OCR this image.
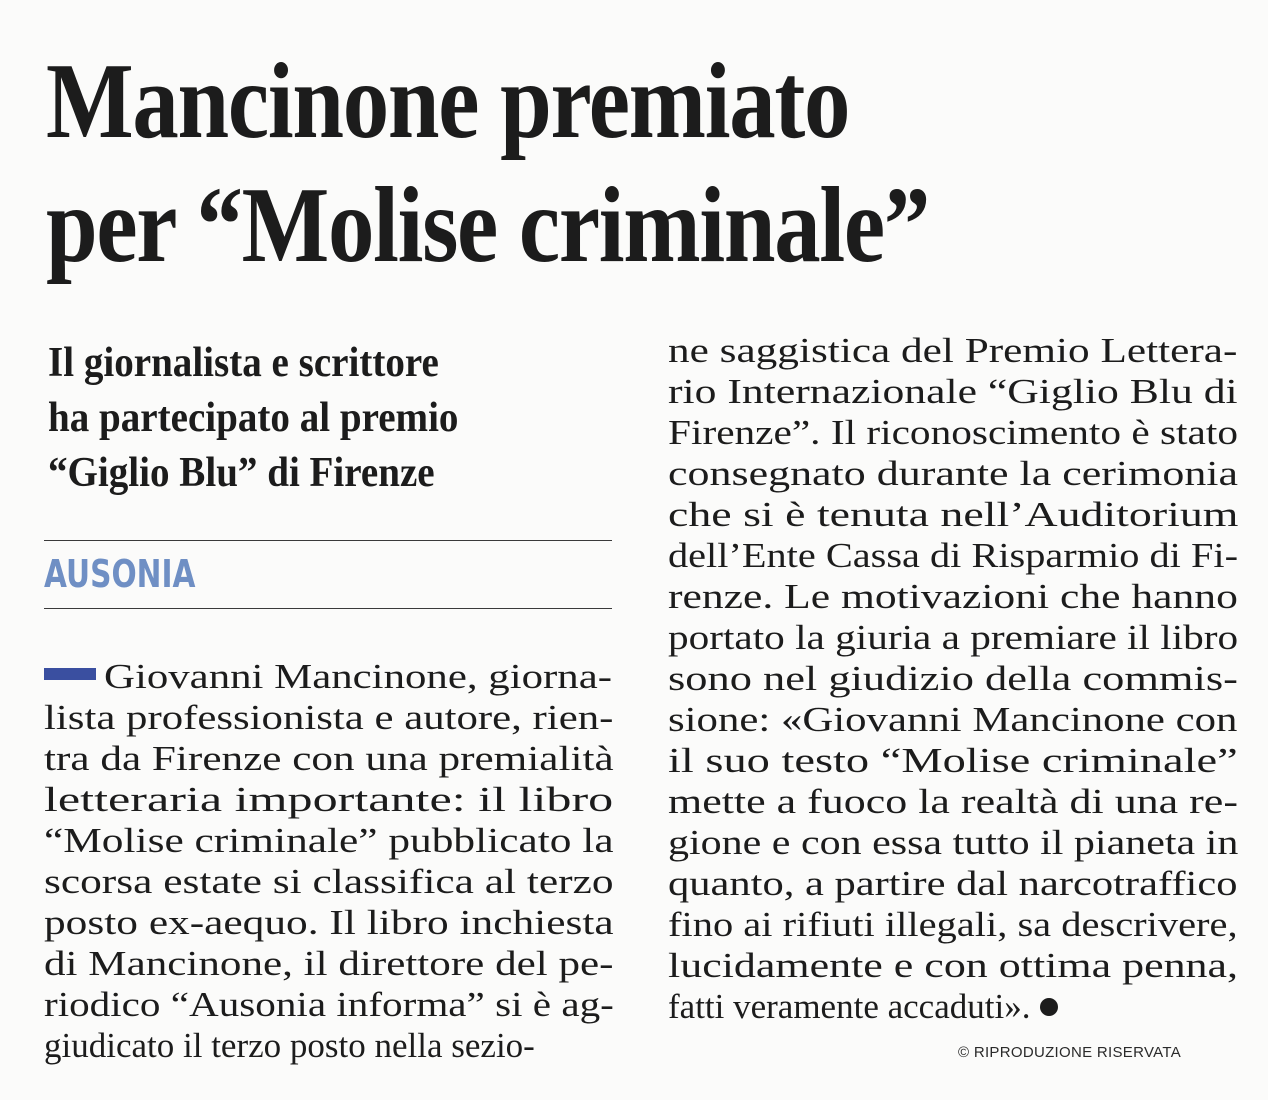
Mancinone premiato
per “Molise criminale”
Il giornalista e scrittore
ha partecipato al premio
“Giglio Blu” di Firenze
AUSONIA
Giovanni Mancinone, giorna-
lista professionista e autore, rien-
tra da Firenze con una premialità
letteraria importante: il libro
“Molise criminale” pubblicato la
scorsa estate si classifica al terzo
posto ex-aequo. Il libro inchiesta
di Mancinone, il direttore del pe-
riodico “Ausonia informa” si è ag-
giudicato il terzo posto nella sezio-
ne saggistica del Premio Lettera-
rio Internazionale “Giglio Blu di
Firenze”. Il riconoscimento è stato
consegnato durante la cerimonia
che si è tenuta nell’Auditorium
dell’Ente Cassa di Risparmio di Fi-
renze. Le motivazioni che hanno
portato la giuria a premiare il libro
sono nel giudizio della commis-
sione: «Giovanni Mancinone con
il suo testo “Molise criminale”
mette a fuoco la realtà di una re-
gione e con essa tutto il pianeta in
quanto, a partire dal narcotraffico
fino ai rifiuti illegali, sa descrivere,
lucidamente e con ottima penna,
fatti veramente accaduti».
© RIPRODUZIONE RISERVATA
